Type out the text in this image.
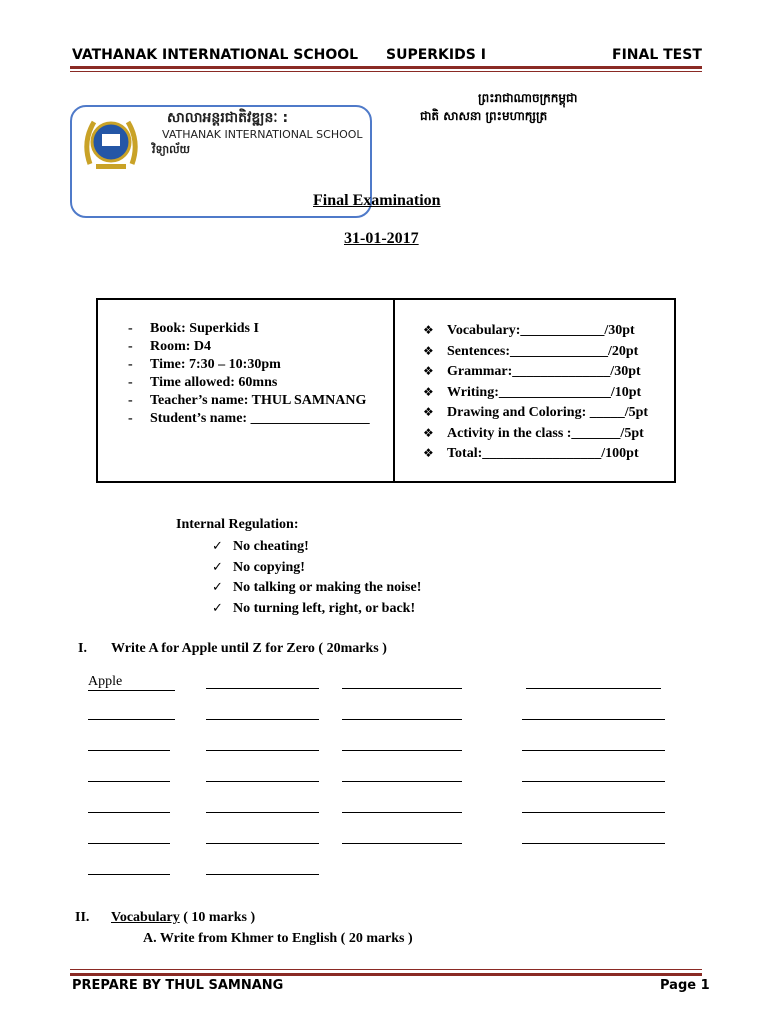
VATHANAK INTERNATIONAL SCHOOL SUPERKIDS I	FINAL TEST
ព្រះរាជាណាចក្រកម្ពុជា
ជាតិ សាសនា ព្រះមហាក្សត្រ
សាលាអន្តរជាតិវឌ្ឍនៈ :
VATHANAK INTERNATIONAL SCHOOL
វិទ្យាល័យ
Final Examination
31-01-2017
- Book: Superkids I
- Room: D4
- Time: 7:30 – 10:30pm
- Time allowed: 60mns
- Teacher’s name: THUL SAMNANG
- Student’s name: _________________
❖ Vocabulary:____________/30pt
❖ Sentences:______________/20pt
❖ Grammar:______________/30pt
❖ Writing:________________/10pt
❖ Drawing and Coloring: _____/5pt
❖ Activity in the class :_______/5pt
❖ Total:_________________/100pt
Internal Regulation:
✓ No cheating!
✓ No copying!
✓ No talking or making the noise!
✓ No turning left, right, or back!
I. Write A for Apple until Z for Zero ( 20marks )
Apple
II. Vocabulary ( 10 marks )
A. Write from Khmer to English ( 20 marks )
PREPARE BY THUL SAMNANG	Page 1
